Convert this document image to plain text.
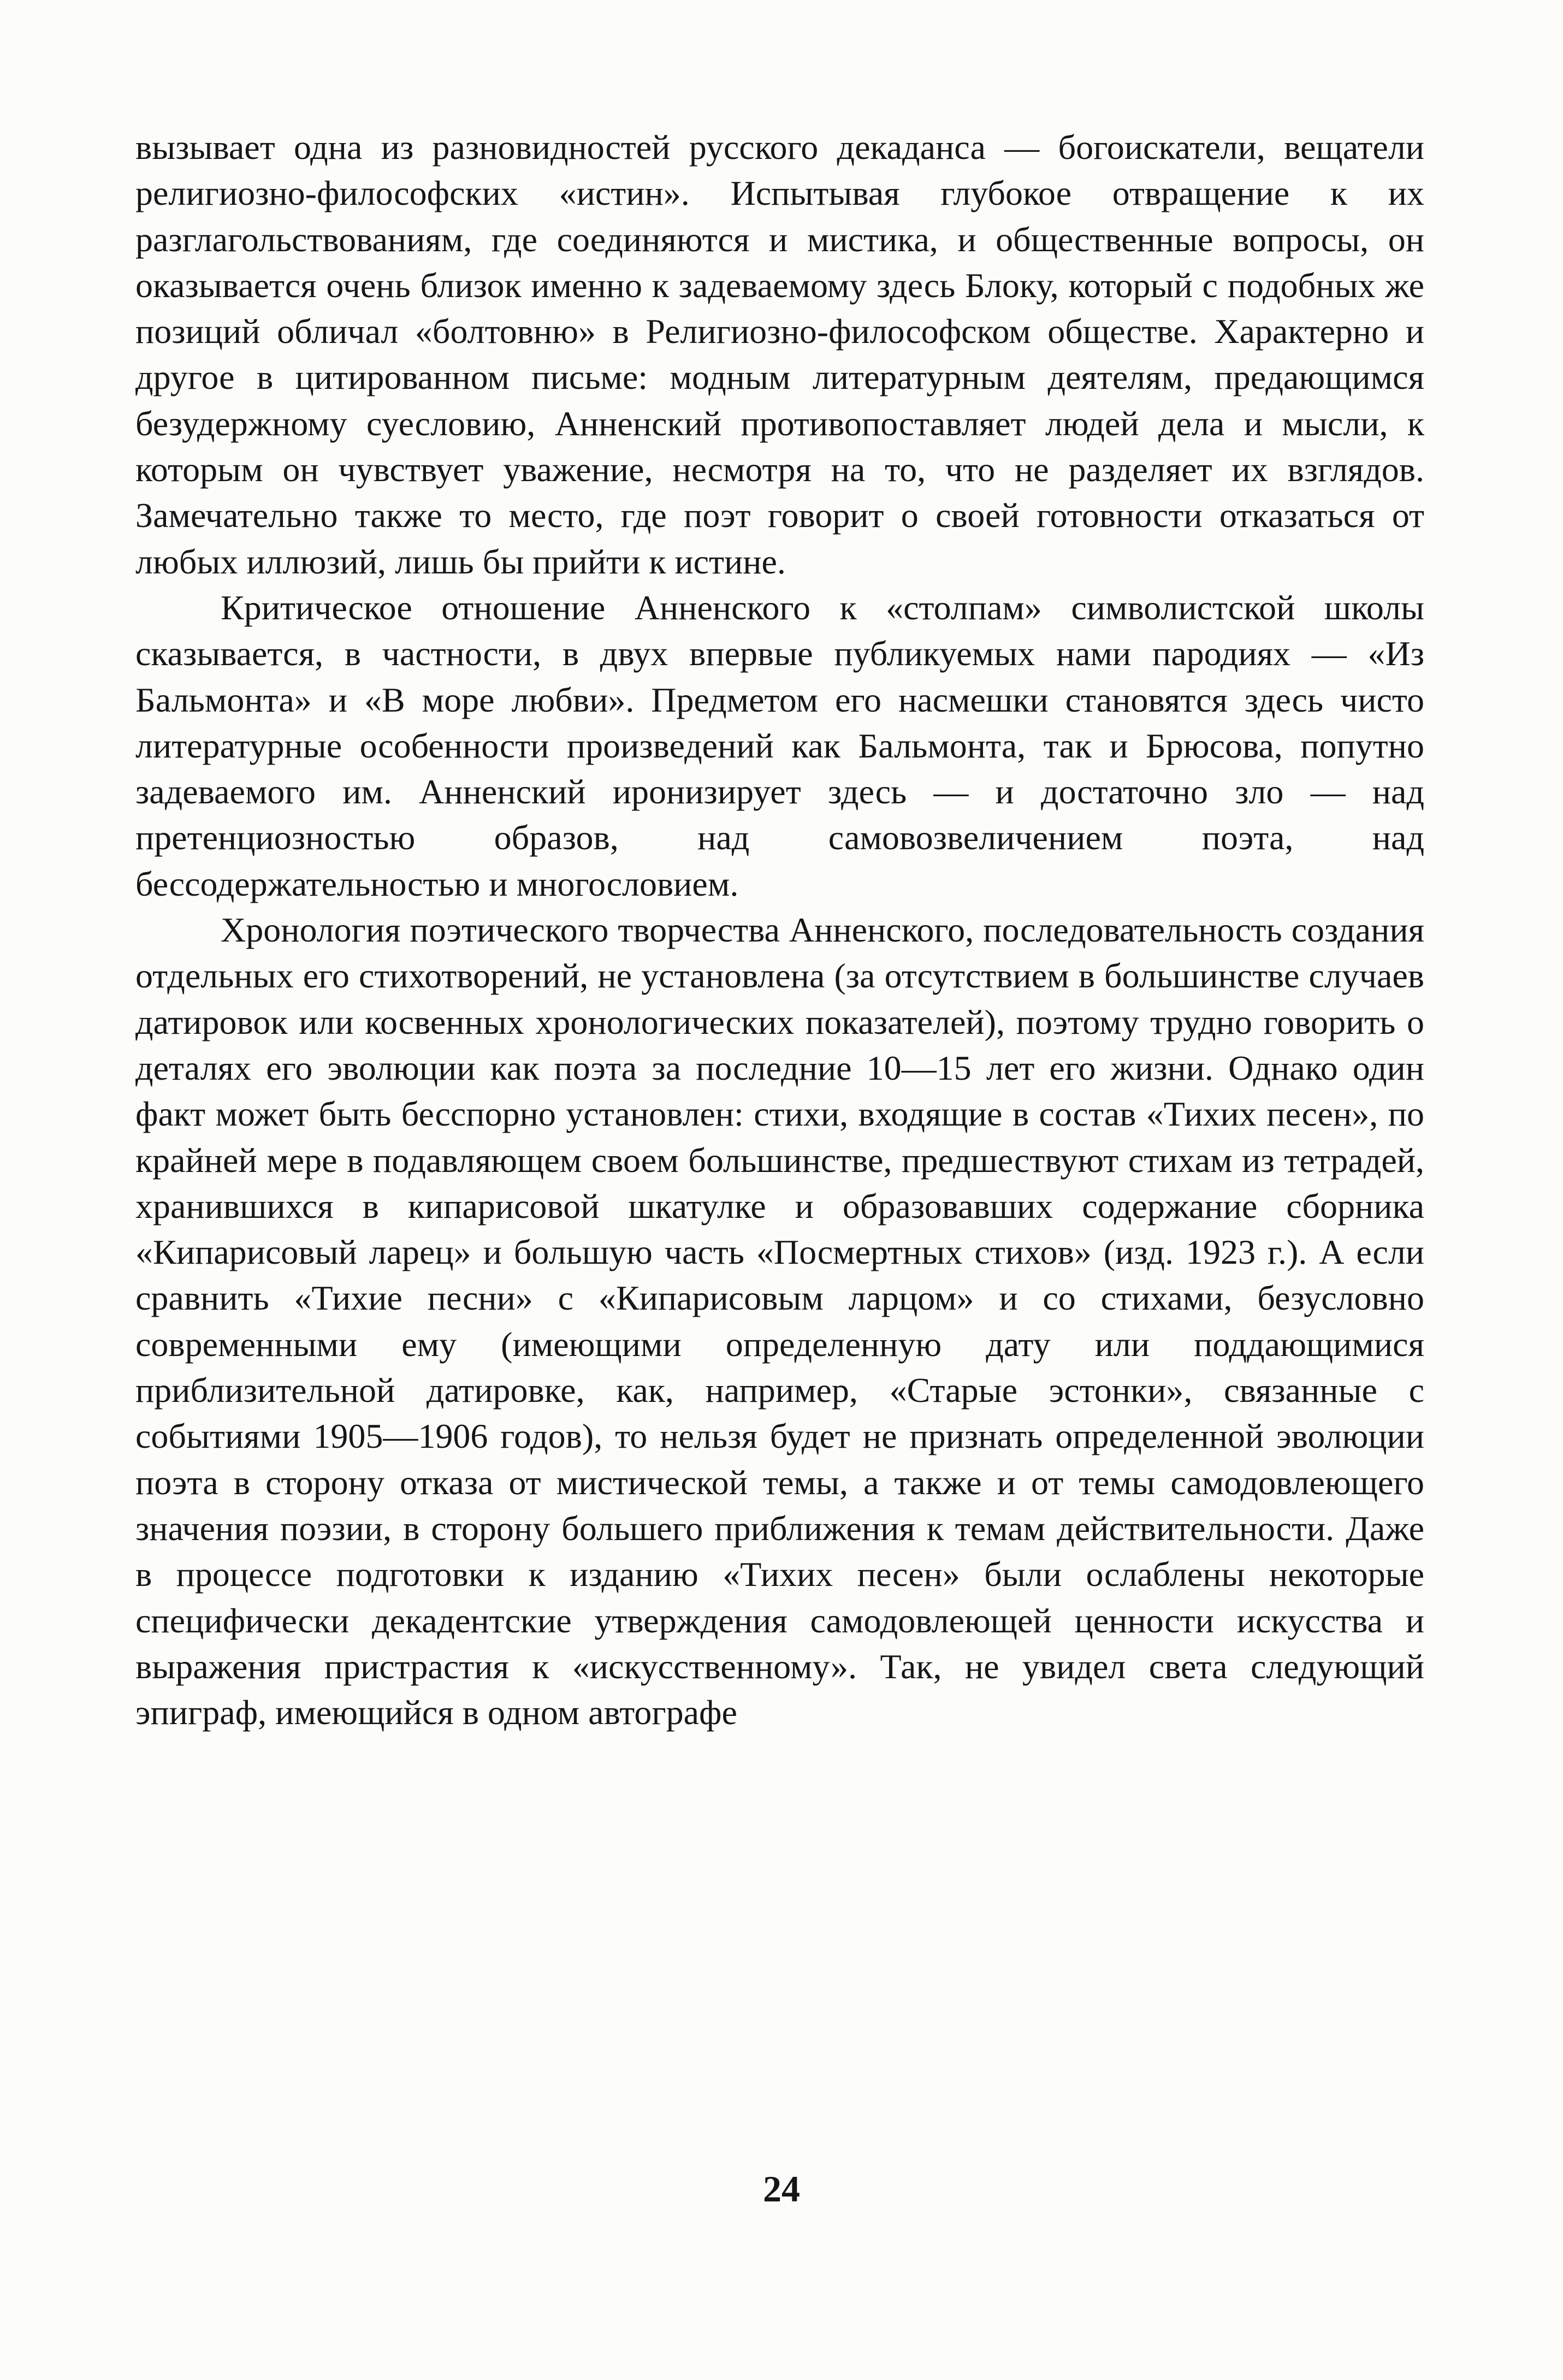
вызывает одна из разновидностей русского декаданса — богоискатели, вещатели религиозно-философских «истин». Испытывая глубокое отвращение к их разглагольствованиям, где соединяются и мистика, и общественные вопросы, он оказывается очень близок именно к задеваемому здесь Блоку, который с подобных же позиций обличал «болтовню» в Религиозно-философском обществе. Характерно и другое в цитированном письме: модным литературным деятелям, предающимся безудержному суесловию, Анненский противопоставляет людей дела и мысли, к которым он чувствует уважение, несмотря на то, что не разделяет их взглядов. Замечательно также то место, где поэт говорит о своей готовности отказаться от любых иллюзий, лишь бы прийти к истине.

Критическое отношение Анненского к «столпам» символистской школы сказывается, в частности, в двух впервые публикуемых нами пародиях — «Из Бальмонта» и «В море любви». Предметом его насмешки становятся здесь чисто литературные особенности произведений как Бальмонта, так и Брюсова, попутно задеваемого им. Анненский иронизирует здесь — и достаточно зло — над претенциозностью образов, над самовозвеличением поэта, над бессодержательностью и многословием.

Хронология поэтического творчества Анненского, последовательность создания отдельных его стихотворений, не установлена (за отсутствием в большинстве случаев датировок или косвенных хронологических показателей), поэтому трудно говорить о деталях его эволюции как поэта за последние 10—15 лет его жизни. Однако один факт может быть бесспорно установлен: стихи, входящие в состав «Тихих песен», по крайней мере в подавляющем своем большинстве, предшествуют стихам из тетрадей, хранившихся в кипарисовой шкатулке и образовавших содержание сборника «Кипарисовый ларец» и большую часть «Посмертных стихов» (изд. 1923 г.). А если сравнить «Тихие песни» с «Кипарисовым ларцом» и со стихами, безусловно современными ему (имеющими определенную дату или поддающимися приблизительной датировке, как, например, «Старые эстонки», связанные с событиями 1905—1906 годов), то нельзя будет не признать определенной эволюции поэта в сторону отказа от мистической темы, а также и от темы самодовлеющего значения поэзии, в сторону большего приближения к темам действительности. Даже в процессе подготовки к изданию «Тихих песен» были ослаблены некоторые специфически декадентские утверждения самодовлеющей ценности искусства и выражения пристрастия к «искусственному». Так, не увидел света следующий эпиграф, имеющийся в одном автографе

24
